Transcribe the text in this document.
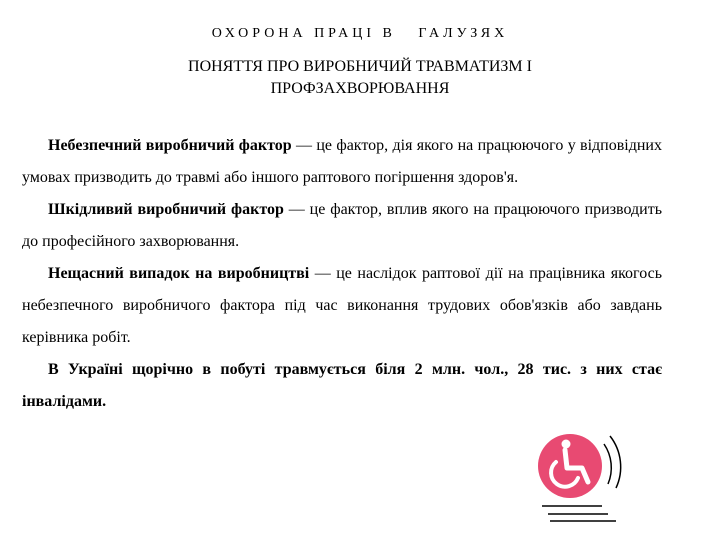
ОХОРОНА ПРАЦІ В   ГАЛУЗЯХ
ПОНЯТТЯ ПРО ВИРОБНИЧИЙ ТРАВМАТИЗМ І
ПРОФЗАХВОРЮВАННЯ

Небезпечний виробничий фактор — це фактор, дія якого на працюючого у відповідних умовах призводить до травмі або іншого раптового погіршення здоров'я.

Шкідливий виробничий фактор — це фактор, вплив якого на працюючого призводить до професійного захворювання.

Нещасний випадок на виробництві — це наслідок раптової дії на працівника якогось небезпечного виробничого фактора під час виконання трудових обов'язків або завдань керівника робіт.

В Україні щорічно в побуті травмується біля 2 млн. чол., 28 тис. з них стає інвалідами.
